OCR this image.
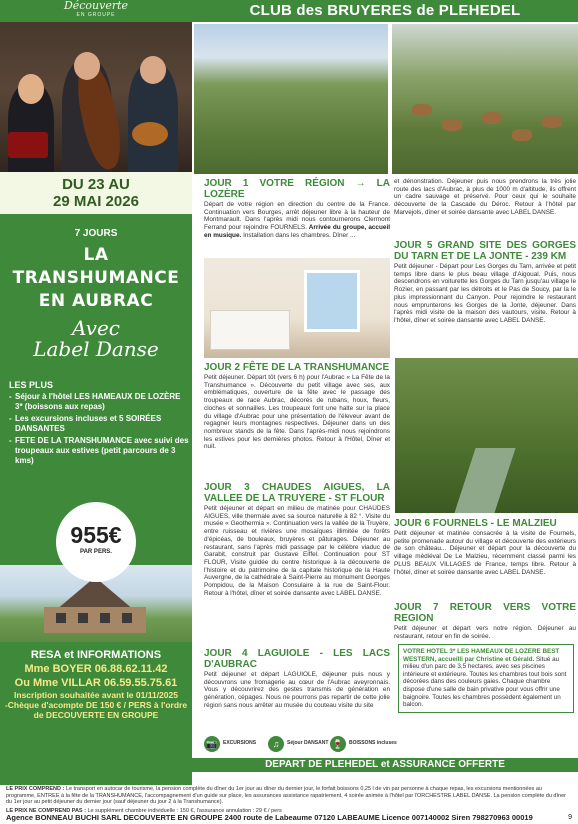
Découverte
EN GROUPE
DU 23 AU
29 MAI 2026
7 JOURS
LA
TRANSHUMANCE
EN AUBRAC
Avec
Label Danse
LES PLUS
- Séjour à l'hôtel LES HAMEAUX DE LOZÈRE 3* (boissons aux repas)
- Les excursions incluses et 5 SOIRÉES DANSANTES
- FETE DE LA TRANSHUMANCE avec suivi des troupeaux aux estives (petit parcours de 3 kms)
955€
PAR PERS.
RESA et INFORMATIONS
Mme BOYER 06.88.62.11.42
Ou Mme VILLAR 06.59.55.75.61
Inscription souhaitée avant le 01/11/2025
-Chèque d'acompte DE 150 € / PERS à l'ordre de DECOUVERTE EN GROUPE
CLUB des BRUYERES de PLEHEDEL
JOUR 1 VOTRE RÉGION → LA LOZÈRE
Départ de votre région en direction du centre de la France. Continuation vers Bourges, arrêt déjeuner libre à la hauteur de Montmarault. Dans l'après midi nous contournerons Clermont Ferrand pour rejoindre FOURNELS. Arrivée du groupe, accueil en musique. Installation dans les chambres. Dîner ...
et dénonstration. Déjeuner puis nous prendrons la très jolie route des lacs d'Aubrac, à plus de 1000 m d'altitude, ils offrent un cadre sauvage et préservé. Pour ceux qui le souhaite découverte de la Cascade du Déroc. Retour à l'hôtel par Marvejols, dîner et soirée dansante avec LABEL DANSE.
JOUR 5 GRAND SITE DES GORGES DU TARN ET DE LA JONTE - 239 KM
Petit déjeuner - Départ pour Les Gorges du Tarn, arrivée et petit temps libre dans le plus beau village d'Aigoual. Puis, nous descendrons en voiturette les Gorges du Tarn jusqu'au village le Rozier, en passant par les détroits et le Pas de Soucy, par la le plus impressionnant du Canyon. Pour rejoindre le restaurant nous emprunterons les Gorges de la Jonte, déjeuner. Dans l'après midi visite de la maison des vautours, visite. Retour à l'hôtel, dîner et soirée dansante avec LABEL DANSE.
JOUR 2 FÊTE DE LA TRANSHUMANCE
Petit déjeuner. Départ tôt (vers 6 h) pour l'Aubrac « La Fête de la Transhumance ». Découverte du petit village avec ses, aux emblématiques, ouverture de la fête avec le passage des troupeaux de race Aubrac, décorés de rubans, houx, fleurs, cloches et sonnailles. Les troupeaux font une halte sur la place du village d'Aubrac pour une présentation de l'éleveur avant de regagner leurs montagnes respectives. Déjeuner dans un des nombreux stands de la fête. Dans l'après-midi nous rejoindrons les estives pour les dernières photos. Retour à l'Hôtel, Dîner et nuit.
JOUR 3 CHAUDES AIGUES, LA VALLEE DE LA TRUYERE - ST FLOUR
Petit déjeuner et départ en milieu de matinée pour CHAUDES AIGUES, ville thermale avec sa source naturelle à 82 °. Visite du musée « Geothermia ». Continuation vers la vallée de la Truyère, entre ruisseau et rivières une mosaïques illimitée de forêts d'épicéas, de bouleaux, bruyères et pâturages. Déjeuner au restaurant, sans l'après midi passage par le célèbre viaduc de Garabit, construit par Gustave Eiffel. Continuation pour ST FLOUR, Visite guidée du centre historique à la découverte de l'histoire et du patrimoine de la capitale historique de la Haute Auvergne, de la cathédrale à Saint-Pierre au monument Georges Pompidou, de la Maison Consulaire à la rue de Saint-Flour. Retour à l'hôtel, dîner et soirée dansante avec LABEL DANSE.
JOUR 6 FOURNELS - LE MALZIEU
Petit déjeuner et matinée consacrée à la visite de Fournels, petite promenade autour du village et découverte des extérieurs de son château... Déjeuner et départ pour la découverte du village médiéval De Le Malzieu, récemment classé parmi les PLUS BEAUX VILLAGES de France, temps libre. Retour à l'hôtel, dîner et soirée dansante avec LABEL DANSE.
JOUR 7 RETOUR VERS VOTRE REGION
Petit déjeuner et départ vers notre région. Déjeuner au restaurant, retour en fin de soirée.
JOUR 4 LAGUIOLE - LES LACS D'AUBRAC
Petit déjeuner et départ LAGUIOLE, déjeuner puis nous y découvrons une fromagerie au cœur de l'Aubrac aveyronnais. Vous y découvrirez des gestes transmis de génération en génération, cépages. Nous ne pourrons pas repartir de cette jolie région sans nous arrêter au musée du couteau visite du site
VOTRE HOTEL 3* LES HAMEAUX DE LOZERE BEST WESTERN, accueilli par Christine et Gérald. Situé au milieu d'un parc de 3,5 hectares, avec ses piscines intérieure et extérieure. Toutes les chambres tout bois sont décorées dans des couleurs gaies. Chaque chambre dispose d'une salle de bain privative pour vous offrir une baignoire. Toutes les chambres possèdent également un balcon.
📷	EXCURSIONS	♫	Séjour DANSANT 🍷	BOISSONS incluses
DEPART DE PLEHEDEL et ASSURANCE OFFERTE
LE PRIX COMPREND : Le transport en autocar de tourisme, la pension complète du dîner du 1er jour au dîner du dernier jour, le forfait boissons 0,25 l de vin par personne à chaque repas, les excursions mentionnées au programme, ENTREE à la fête de la TRANSHUMANCE, l'accompagnement d'un guide sur place, les assurances assistance rapatriement, 4 soirée animée à l'hôtel par l'ORCHESTRE LABEL DANSE. La pension complète du dîner du 1er jour au petit déjeuner du dernier jour (sauf déjeuner du jour 2 à la Transhumance).
LE PRIX NE COMPREND PAS : Le supplément chambre individuelle : 150 €, l'assurance annulation : 29 € / pers
Agence BONNEAU BUCHI SARL DECOUVERTE EN GROUPE 2400 route de Labeaume 07120 LABEAUME Licence 007140002 Siren 798270963 00019	9
